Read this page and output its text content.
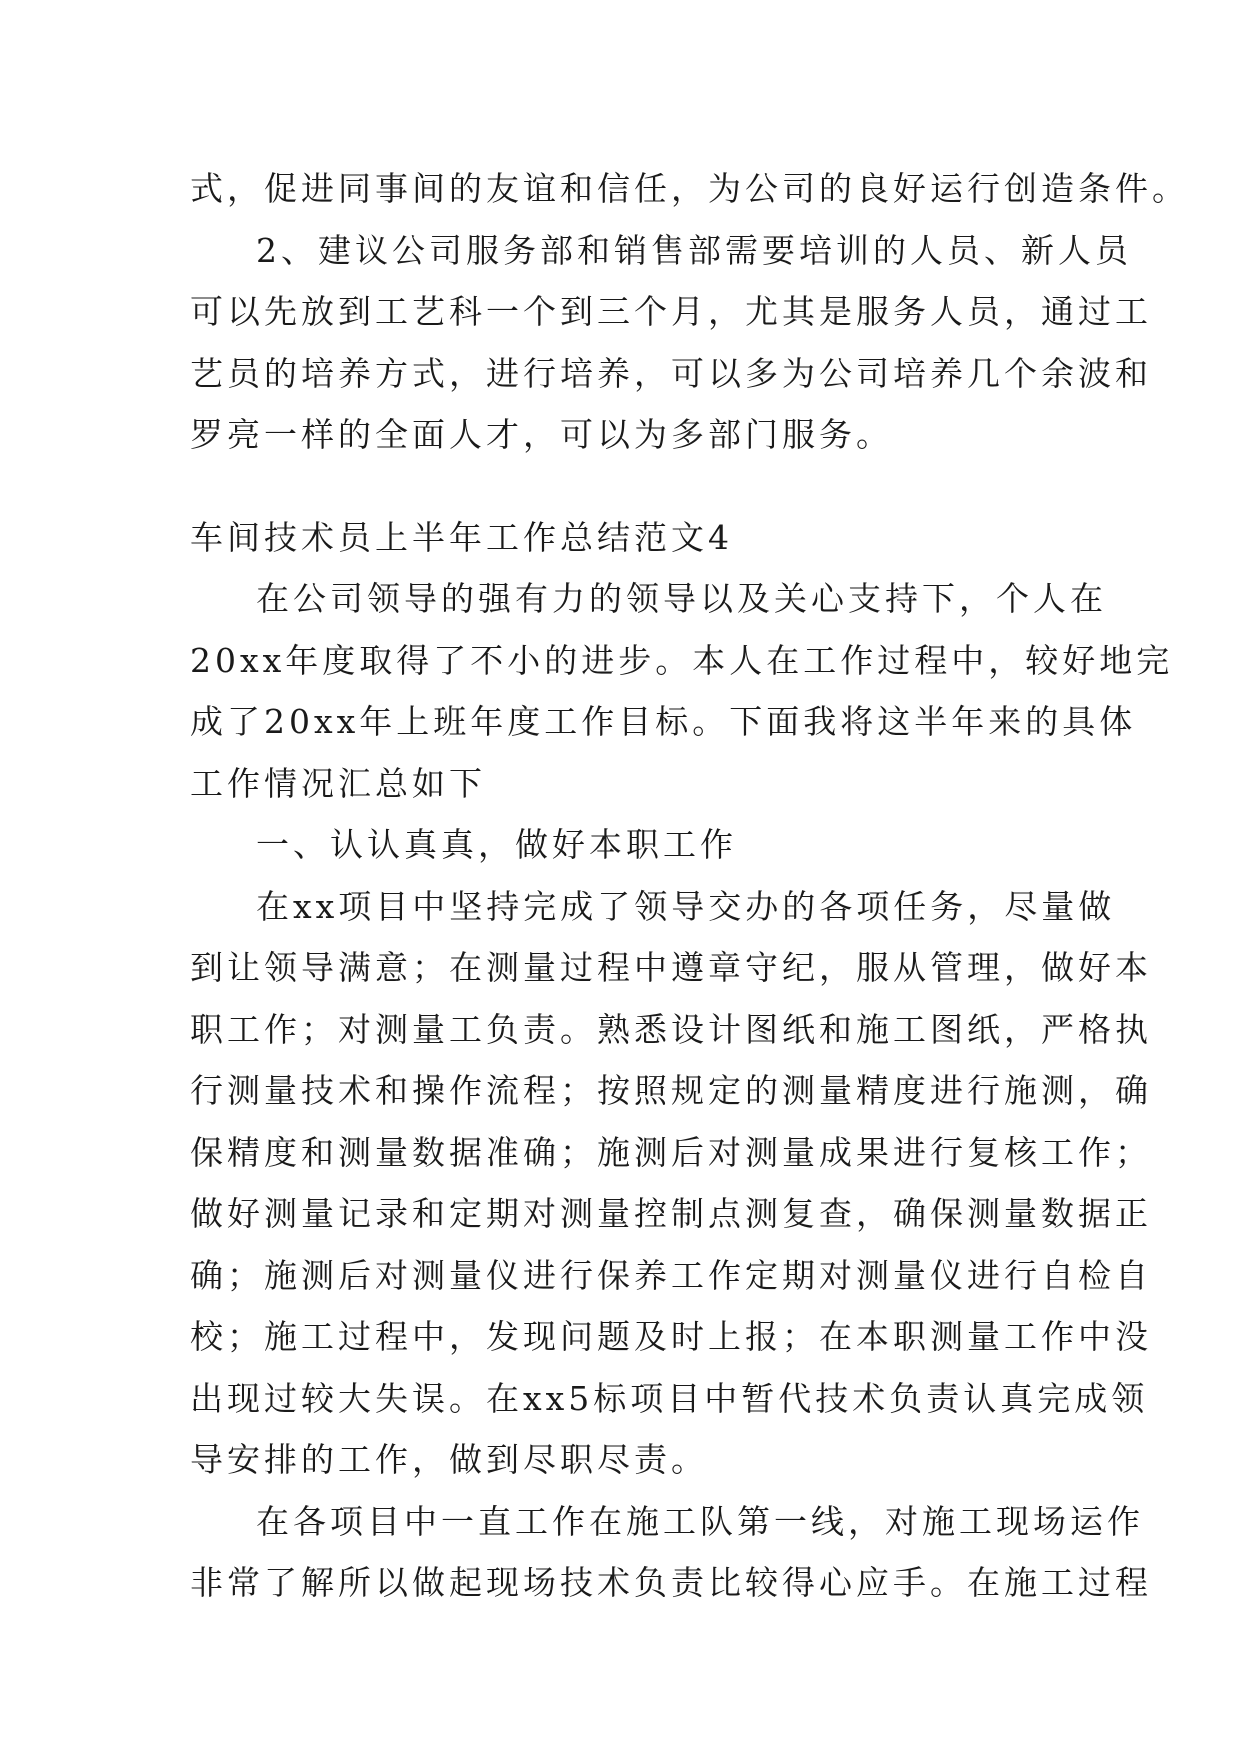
式，促进同事间的友谊和信任，为公司的良好运行创造条件。
2、建议公司服务部和销售部需要培训的人员、新人员
可以先放到工艺科一个到三个月，尤其是服务人员，通过工
艺员的培养方式，进行培养，可以多为公司培养几个余波和
罗亮一样的全面人才，可以为多部门服务。
车间技术员上半年工作总结范文4
在公司领导的强有力的领导以及关心支持下，个人在
20xx年度取得了不小的进步。本人在工作过程中，较好地完
成了20xx年上班年度工作目标。下面我将这半年来的具体
工作情况汇总如下
一、认认真真，做好本职工作
在xx项目中坚持完成了领导交办的各项任务，尽量做
到让领导满意；在测量过程中遵章守纪，服从管理，做好本
职工作；对测量工负责。熟悉设计图纸和施工图纸，严格执
行测量技术和操作流程；按照规定的测量精度进行施测，确
保精度和测量数据准确；施测后对测量成果进行复核工作；
做好测量记录和定期对测量控制点测复查，确保测量数据正
确；施测后对测量仪进行保养工作定期对测量仪进行自检自
校；施工过程中，发现问题及时上报；在本职测量工作中没
出现过较大失误。在xx5标项目中暂代技术负责认真完成领
导安排的工作，做到尽职尽责。
在各项目中一直工作在施工队第一线，对施工现场运作
非常了解所以做起现场技术负责比较得心应手。在施工过程
